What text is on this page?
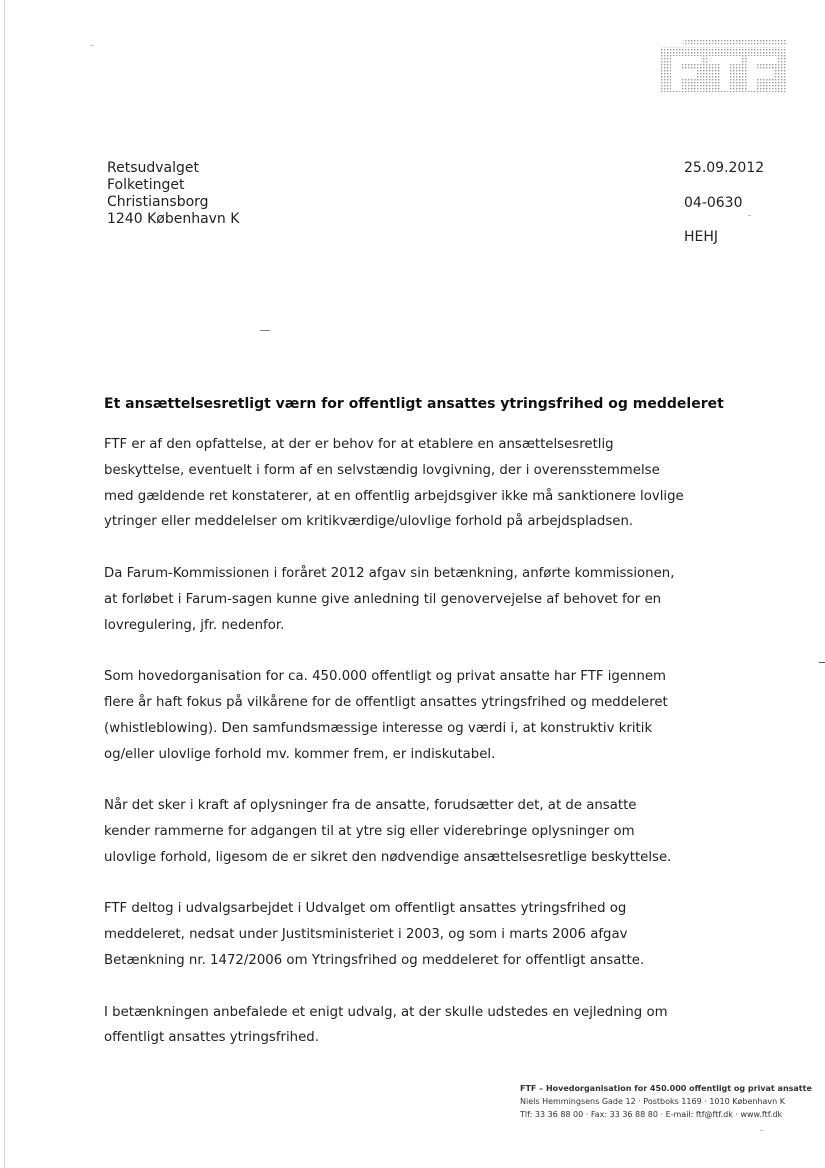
Retsudvalget
Folketinget
Christiansborg
1240 København K
25.09.2012
04-0630
HEHJ
Et ansættelsesretligt værn for offentligt ansattes ytringsfrihed og meddeleret

FTF er af den opfattelse, at der er behov for at etablere en ansættelsesretlig beskyttelse, eventuelt i form af en selvstændig lovgivning, der i overensstemmelse med gældende ret konstaterer, at en offentlig arbejdsgiver ikke må sanktionere lovlige ytringer eller meddelelser om kritikværdige/ulovlige forhold på arbejdspladsen.

Da Farum-Kommissionen i foråret 2012 afgav sin betænkning, anførte kommissionen, at forløbet i Farum-sagen kunne give anledning til genovervejelse af behovet for en lovregulering, jfr. nedenfor.

Som hovedorganisation for ca. 450.000 offentligt og privat ansatte har FTF igennem flere år haft fokus på vilkårene for de offentligt ansattes ytringsfrihed og meddeleret (whistleblowing). Den samfundsmæssige interesse og værdi i, at konstruktiv kritik og/eller ulovlige forhold mv. kommer frem, er indiskutabel.

Når det sker i kraft af oplysninger fra de ansatte, forudsætter det, at de ansatte kender rammerne for adgangen til at ytre sig eller viderebringe oplysninger om ulovlige forhold, ligesom de er sikret den nødvendige ansættelsesretlige beskyttelse.

FTF deltog i udvalgsarbejdet i Udvalget om offentligt ansattes ytringsfrihed og meddeleret, nedsat under Justitsministeriet i 2003, og som i marts 2006 afgav Betænkning nr. 1472/2006 om Ytringsfrihed og meddeleret for offentligt ansatte.

I betænkningen anbefalede et enigt udvalg, at der skulle udstedes en vejledning om offentligt ansattes ytringsfrihed.

FTF – Hovedorganisation for 450.000 offentligt og privat ansatte
Niels Hemmingsens Gade 12 · Postboks 1169 · 1010 København K
Tlf: 33 36 88 00 · Fax: 33 36 88 80 · E-mail: ftf@ftf.dk · www.ftf.dk
